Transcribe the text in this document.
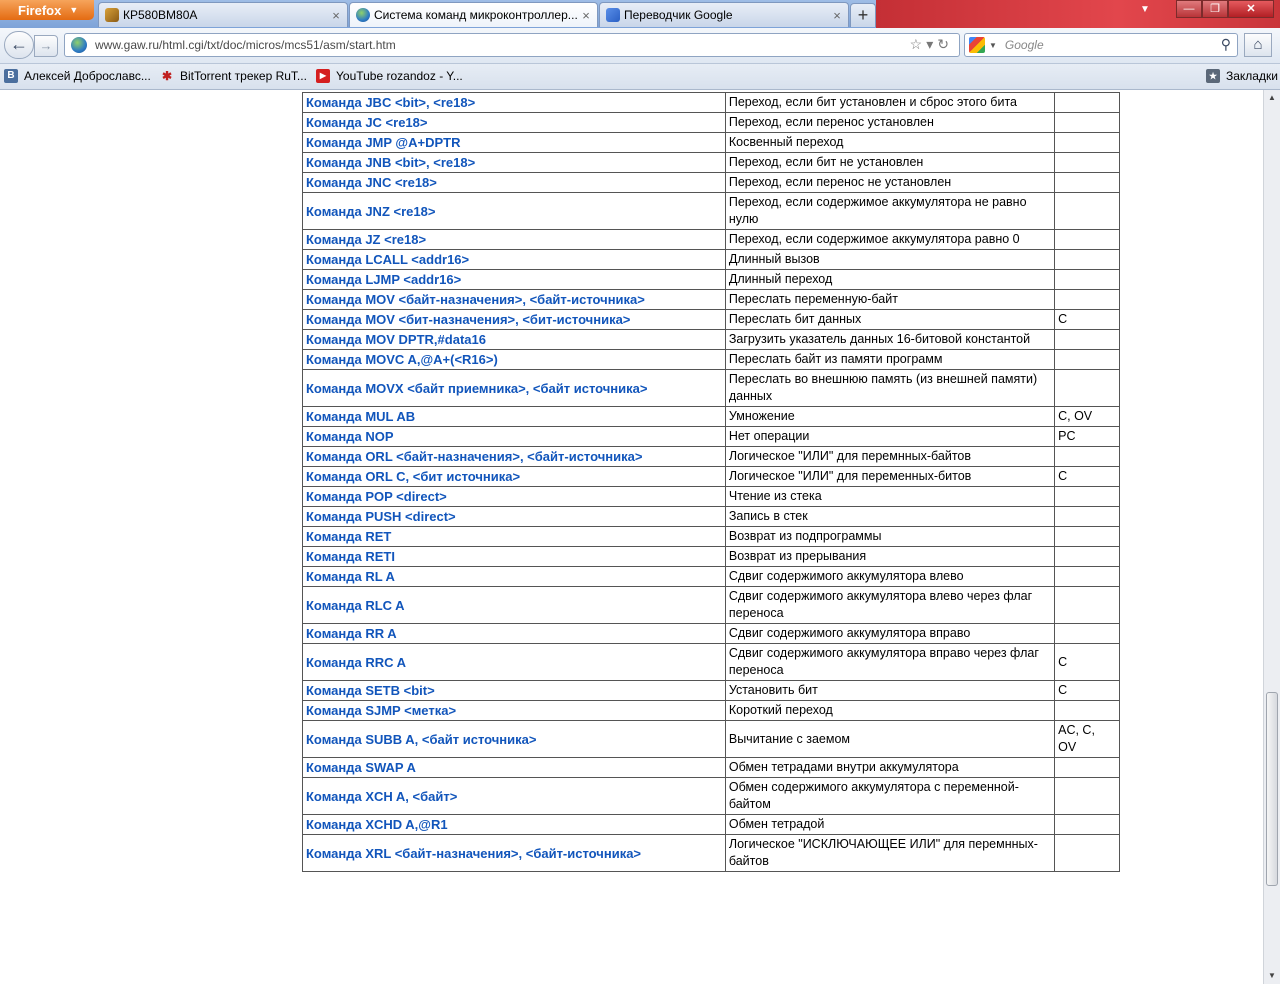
Firefox ▼	КР580ВМ80А	×	Система команд микроконтроллер... ×	Переводчик Google	× +	▼	—	❐	✕
← →	www.gaw.ru/html.cgi/txt/doc/micros/mcs51/asm/start.htm	☆▾↻	▼ Google	⚲	⌂
В Алексей Доброславс... ✱ BitTorrent трекер RuT...	▶ YouTube rozandoz - Y...	★ Закладки
Команда JBC <bit>, <re18>	Переход, если бит установлен и сброс этого бита	
Команда JC <re18>	Переход, если перенос установлен	
Команда JMP @A+DPTR	Косвенный переход	
Команда JNB <bit>, <re18>	Переход, если бит не установлен	
Команда JNC <re18>	Переход, если перенос не установлен	
Команда JNZ <re18>	Переход, если содержимое аккумулятора не равно нулю	
Команда JZ <re18>	Переход, если содержимое аккумулятора равно 0	
Команда LCALL <addr16>	Длинный вызов	
Команда LJMP <addr16>	Длинный переход	
Команда MOV <байт-назначения>, <байт-источника>	Переслать переменную-байт	
Команда MOV <бит-назначения>, <бит-источника>	Переслать бит данных	C
Команда MOV DPTR,#data16	Загрузить указатель данных 16-битовой константой	
Команда MOVC A,@A+(<R16>)	Переслать байт из памяти программ	
Команда MOVX <байт приемника>, <байт источника>	Переслать во внешнюю память (из внешней памяти) данных	
Команда MUL AB	Умножение	C, OV
Команда NOP	Нет операции	PC
Команда ORL <байт-назначения>, <байт-источника>	Логическое "ИЛИ" для перемнных-байтов	
Команда ORL C, <бит источника>	Логическое "ИЛИ" для переменных-битов	C
Команда POP <direct>	Чтение из стека	
Команда PUSH <direct>	Запись в стек	
Команда RET	Возврат из подпрограммы	
Команда RETI	Возврат из прерывания	
Команда RL A	Сдвиг содержимого аккумулятора влево	
Команда RLC A	Сдвиг содержимого аккумулятора влево через флаг переноса	
Команда RR A	Сдвиг содержимого аккумулятора вправо	
Команда RRC A	Сдвиг содержимого аккумулятора вправо через флаг переноса	C
Команда SETB <bit>	Установить бит	C
Команда SJMP <метка>	Короткий переход	
Команда SUBB A, <байт источника>	Вычитание с заемом	AC, C, OV
Команда SWAP A	Обмен тетрадами внутри аккумулятора	
Команда XCH A, <байт>	Обмен содержимого аккумулятора с переменной-байтом	
Команда XCHD A,@R1	Обмен тетрадой	
Команда XRL <байт-назначения>, <байт-источника>	Логическое "ИСКЛЮЧАЮЩЕЕ ИЛИ" для перемнных-байтов	
▲
▼
